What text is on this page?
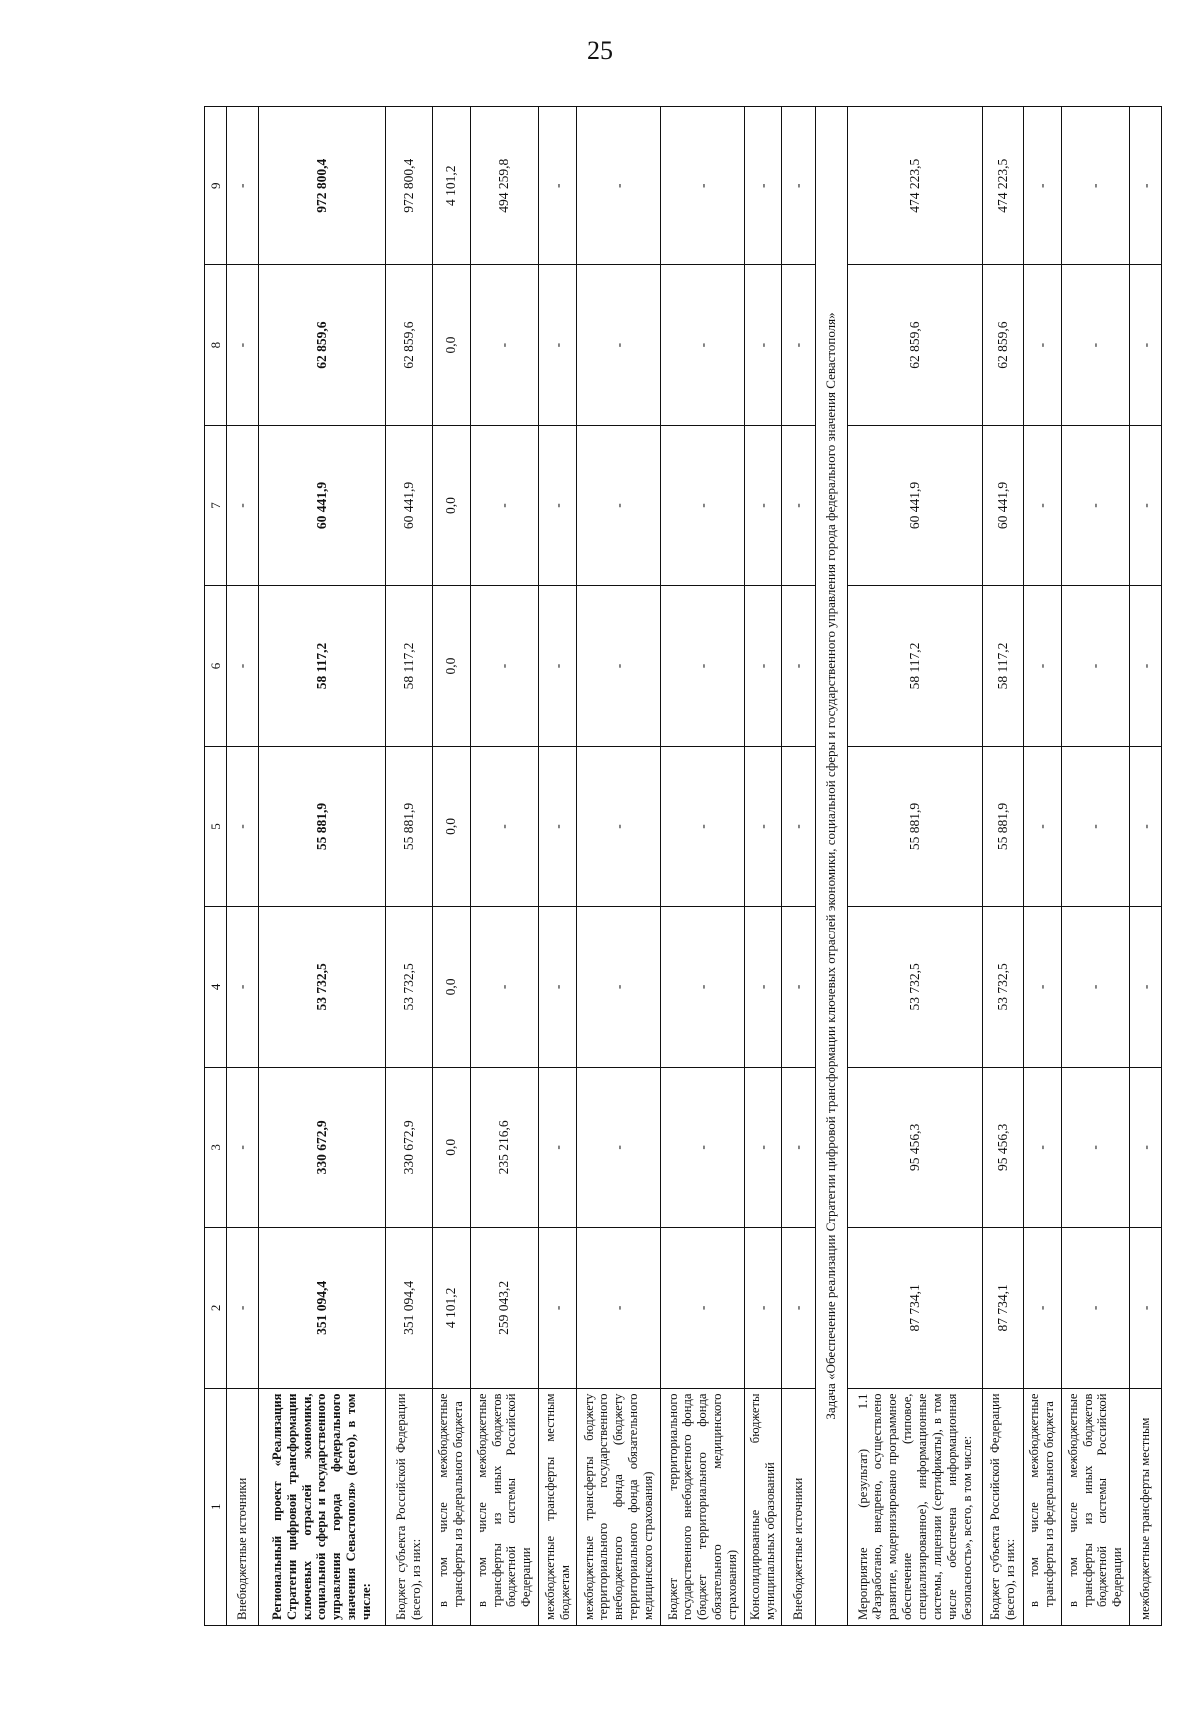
25
1	2	3	4	5	6	7	8	9
Внебюджетные источники	-	-	-	-	-	-	-	-
Региональный проект «Реализация Стратегии цифровой трансформации ключевых отраслей экономики, социальной сферы и государственного управления города федерального значения Севастополя» (всего), в том числе:	351 094,4	330 672,9	53 732,5	55 881,9	58 117,2	60 441,9	62 859,6	972 800,4
Бюджет субъекта Российской Федерации (всего), из них:	351 094,4	330 672,9	53 732,5	55 881,9	58 117,2	60 441,9	62 859,6	972 800,4
в том числе межбюджетные трансферты из федерального бюджета	4 101,2	0,0	0,0	0,0	0,0	0,0	0,0	4 101,2
в том числе межбюджетные трансферты из иных бюджетов бюджетной системы Российской Федерации	259 043,2	235 216,6	-	-	-	-	-	494 259,8
межбюджетные трансферты местным бюджетам	-	-	-	-	-	-	-	-
межбюджетные трансферты бюджету территориального государственного внебюджетного фонда (бюджету территориального фонда обязательного медицинского страхования)	-	-	-	-	-	-	-	-
Бюджет территориального государственного внебюджетного фонда (бюджет территориального фонда обязательного медицинского страхования)	-	-	-	-	-	-	-	-
Консолидированные бюджеты муниципальных образований	-	-	-	-	-	-	-	-
Внебюджетные источники	-	-	-	-	-	-	-	-
Задача «Обеспечение реализации Стратегии цифровой трансформации ключевых отраслей экономики, социальной сферы и государственного управления города федерального значения Севастополя»								
Мероприятие (результат) 1.1 «Разработано, внедрено, осуществлено развитие, модернизировано программное обеспечение (типовое, специализированное), информационные системы, лицензии (сертификаты), в том числе обеспечена информационная безопасность», всего, в том числе:	87 734,1	95 456,3	53 732,5	55 881,9	58 117,2	60 441,9	62 859,6	474 223,5
Бюджет субъекта Российской Федерации (всего), из них:	87 734,1	95 456,3	53 732,5	55 881,9	58 117,2	60 441,9	62 859,6	474 223,5
в том числе межбюджетные трансферты из федерального бюджета	-	-	-	-	-	-	-	-
в том числе межбюджетные трансферты из иных бюджетов бюджетной системы Российской Федерации	-	-	-	-	-	-	-	-
межбюджетные трансферты местным	-	-	-	-	-	-	-	-
